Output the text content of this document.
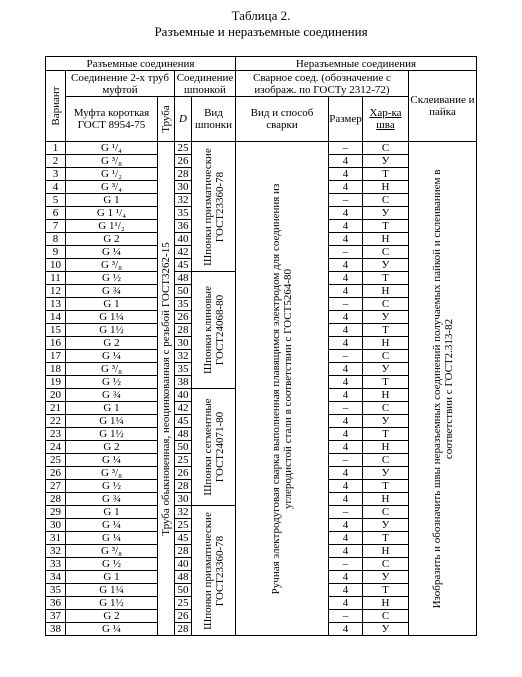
Таблица 2.
Разъемные и неразъемные соединения
Разъемные соединения					Неразъемные соединения			

Вариант	Соединение 2-х труб муфтой		Соединение шпонкой		Сварное соед. (обозначение с изображ. по ГОСТу 2312-72)			Склеивание и пайка
	Муфта короткая ГОСТ 8954-75	Труба	D	Вид шпонки	Вид и способ сварки	Размер	Хар-ка шва	
1	G ¹/₄	Труба обыкновенная, неоцинкованная с резьбой ГОСТ3262-15	25	Шпонки призматические ГОСТ23360-78	Ручная электродуговая сварка выполненная плавящимся электродом для соединения из углеродистой стали в соответствии с ГОСТ5264-80	–	С	Изобразить и обозначить швы неразъемных соединений получаемых пайкой и склеиванием в соответствии с ГОСТ2.313-82

2	G ³/₈		26			4	У	
3	G ¹/₂		28			4	Т	
4	G ³/₄		30			4	Н	
5	G 1		32			–	С	
6	G 1 ¹/₄		35			4	У	
7	G 1¹/₂		36			4	Т	
8	G 2		40			4	Н	
9	G ¼		42			–	С	
10	G ³/₈		45			4	У	
11	G ½		48	Шпонки клиновые ГОСТ24068-80		4	Т	
12	G ¾		50			4	Н	
13	G 1		35			–	С	
14	G 1¼		26			4	У	
15	G 1½		28			4	Т	
16	G 2		30			4	Н	
17	G ¼		32			–	С	
18	G ³/₈		35			4	У	
19	G ½		38			4	Т	
20	G ¾		40	Шпонки сегментные ГОСТ24071-80		4	Н	
21	G 1		42			–	С	
22	G 1¼		45			4	У	
23	G 1½		48			4	Т	
24	G 2		50			4	Н	
25	G ¼		25			–	С	
26	G ³/₈		26			4	У	
27	G ½		28			4	Т	
28	G ¾		30			4	Н	
29	G 1		32	Шпонки призматические ГОСТ23360-78		–	С	
30	G ¼		25			4	У	
31	G ¼		45			4	Т	
32	G ³/₈		28			4	Н	
33	G ½		40			–	С	
34	G 1		48			4	У	
35	G 1¼		50			4	Т	
36	G 1½		25			4	Н	
37	G 2		26			–	С	
38	G ¼		28			4	У	
